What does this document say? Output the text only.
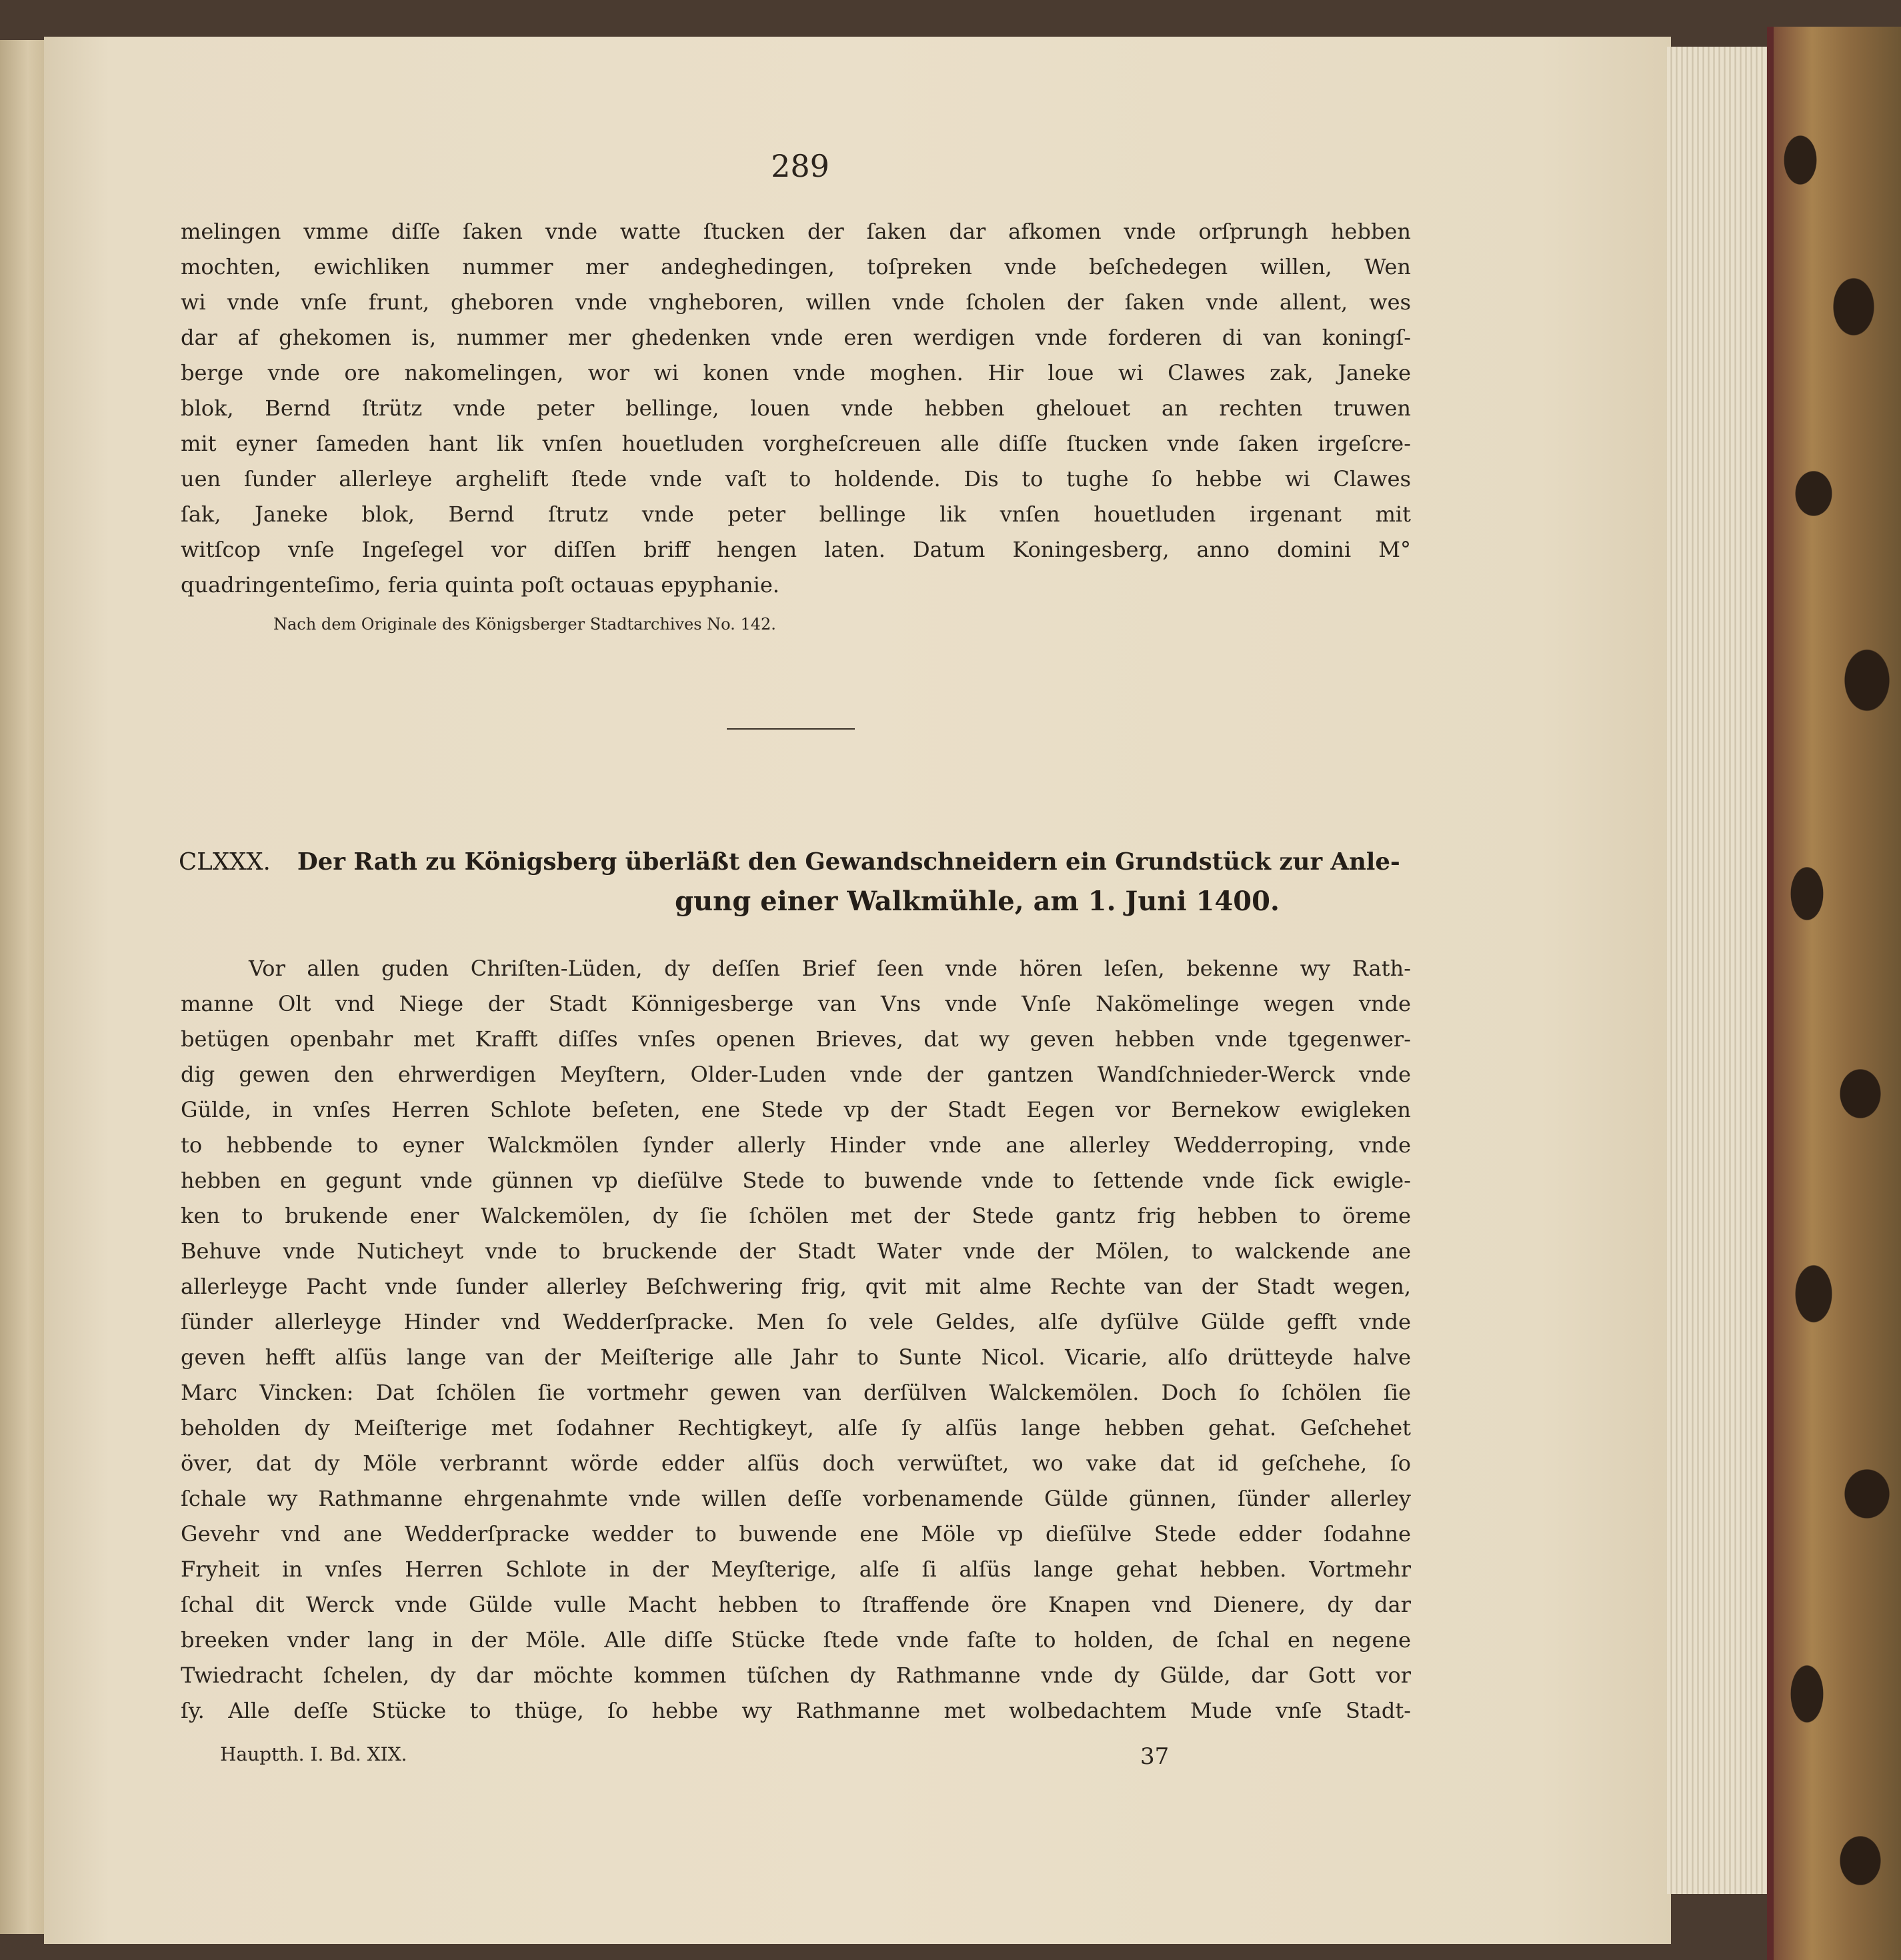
289
melingen vmme diſſe ſaken vnde watte ſtucken der ſaken dar afkomen vnde orſprungh hebben
mochten, ewichliken nummer mer andeghedingen, toſpreken vnde beſchedegen willen, Wen
wi vnde vnſe frunt, gheboren vnde vngheboren, willen vnde ſcholen der ſaken vnde allent, wes
dar af ghekomen is, nummer mer ghedenken vnde eren werdigen vnde forderen di van koningſ-
berge vnde ore nakomelingen, wor wi konen vnde moghen. Hir loue wi Clawes zak, Janeke
blok, Bernd ſtrütz vnde peter bellinge, louen vnde hebben ghelouet an rechten truwen
mit eyner ſameden hant lik vnſen houetluden vorgheſcreuen alle diſſe ſtucken vnde ſaken irgeſcre-
uen ſunder allerleye arghelift ſtede vnde vaſt to holdende. Dis to tughe ſo hebbe wi Clawes
ſak, Janeke blok, Bernd ſtrutz vnde peter bellinge lik vnſen houetluden irgenant mit
witſcop vnſe Ingeſegel vor diſſen briff hengen laten. Datum Koningesberg, anno domini M°
quadringenteſimo, feria quinta poſt octauas epyphanie.
Nach dem Originale des Königsberger Stadtarchives No. 142.
CLXXX. Der Rath zu Königsberg überläßt den Gewandschneidern ein Grundstück zur Anle-
gung einer Walkmühle, am 1. Juni 1400.
Vor allen guden Chriſten-Lüden, dy deſſen Brief ſeen vnde hören leſen, bekenne wy Rath-
manne Olt vnd Niege der Stadt Könnigesberge van Vns vnde Vnſe Nakömelinge wegen vnde
betügen openbahr met Krafft diſſes vnſes openen Brieves, dat wy geven hebben vnde tgegenwer-
dig gewen den ehrwerdigen Meyſtern, Older-Luden vnde der gantzen Wandſchnieder-Werck vnde
Gülde, in vnſes Herren Schlote beſeten, ene Stede vp der Stadt Eegen vor Bernekow ewigleken
to hebbende to eyner Walckmölen ſynder allerly Hinder vnde ane allerley Wedderroping, vnde
hebben en gegunt vnde günnen vp dieſülve Stede to buwende vnde to ſettende vnde ſick ewigle-
ken to brukende ener Walckemölen, dy ſie ſchölen met der Stede gantz frig hebben to öreme
Behuve vnde Nuticheyt vnde to bruckende der Stadt Water vnde der Mölen, to walckende ane
allerleyge Pacht vnde ſunder allerley Beſchwering frig, qvit mit alme Rechte van der Stadt wegen,
ſünder allerleyge Hinder vnd Wedderſpracke. Men ſo vele Geldes, alſe dyſülve Gülde gefft vnde
geven hefft alſüs lange van der Meiſterige alle Jahr to Sunte Nicol. Vicarie, alſo drütteyde halve
Marc Vincken: Dat ſchölen ſie vortmehr gewen van derſülven Walckemölen. Doch ſo ſchölen ſie
beholden dy Meiſterige met ſodahner Rechtigkeyt, alſe ſy alſüs lange hebben gehat. Geſchehet
över, dat dy Möle verbrannt wörde edder alſüs doch verwüſtet, wo vake dat id geſchehe, ſo
ſchale wy Rathmanne ehrgenahmte vnde willen deſſe vorbenamende Gülde günnen, ſünder allerley
Gevehr vnd ane Wedderſpracke wedder to buwende ene Möle vp dieſülve Stede edder ſodahne
Fryheit in vnſes Herren Schlote in der Meyſterige, alſe ſi alſüs lange gehat hebben. Vortmehr
ſchal dit Werck vnde Gülde vulle Macht hebben to ſtraffende öre Knapen vnd Dienere, dy dar
breeken vnder lang in der Möle. Alle diſſe Stücke ſtede vnde faſte to holden, de ſchal en negene
Twiedracht ſchelen, dy dar möchte kommen tüſchen dy Rathmanne vnde dy Gülde, dar Gott vor
ſy. Alle deſſe Stücke to thüge, ſo hebbe wy Rathmanne met wolbedachtem Mude vnſe Stadt-
Hauptth. I. Bd. XIX.	37
